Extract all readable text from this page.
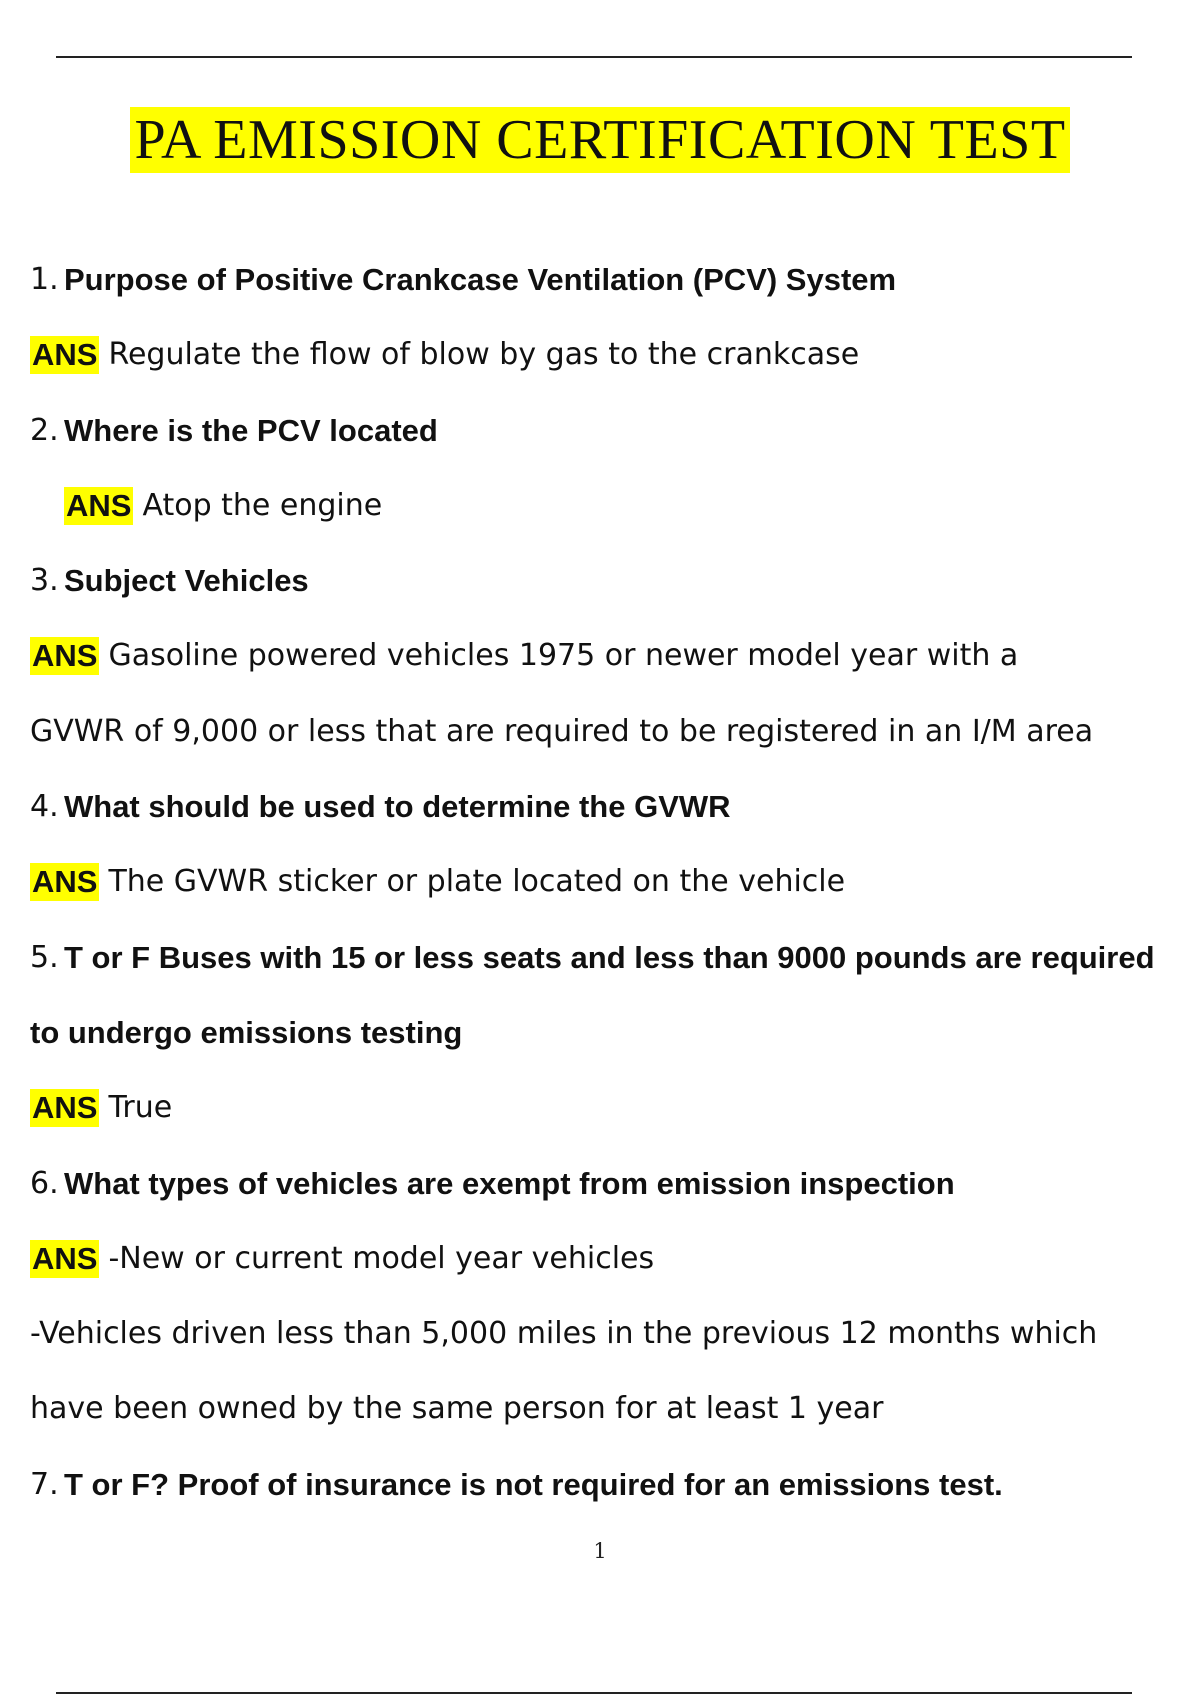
PA EMISSION CERTIFICATION TEST
1. Purpose of Positive Crankcase Ventilation (PCV) System
ANS Regulate the flow of blow by gas to the crankcase
2. Where is the PCV located
ANS Atop the engine
3. Subject Vehicles
ANS Gasoline powered vehicles 1975 or newer model year with a
GVWR of 9,000 or less that are required to be registered in an I/M area
4. What should be used to determine the GVWR
ANS The GVWR sticker or plate located on the vehicle
5. T or F Buses with 15 or less seats and less than 9000 pounds are required
to undergo emissions testing
ANS True
6. What types of vehicles are exempt from emission inspection
ANS -New or current model year vehicles
-Vehicles driven less than 5,000 miles in the previous 12 months which
have been owned by the same person for at least 1 year
7. T or F? Proof of insurance is not required for an emissions test.
1
